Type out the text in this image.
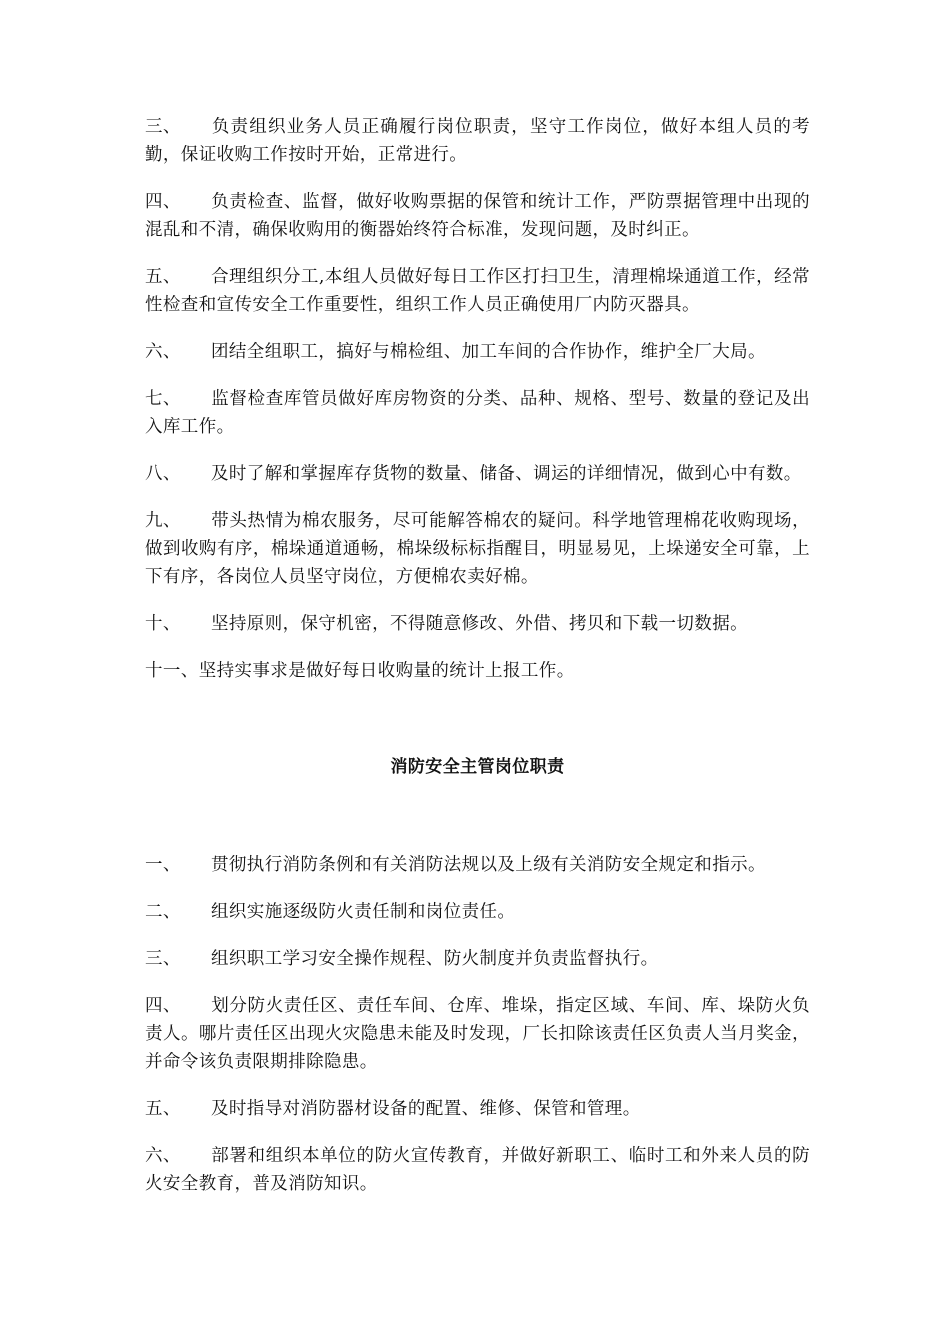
三、 负责组织业务人员正确履行岗位职责，坚守工作岗位，做好本组人员的考勤，保证收购工作按时开始，正常进行。

四、 负责检查、监督，做好收购票据的保管和统计工作，严防票据管理中出现的混乱和不清，确保收购用的衡器始终符合标准，发现问题，及时纠正。

五、 合理组织分工,本组人员做好每日工作区打扫卫生，清理棉垛通道工作，经常性检查和宣传安全工作重要性，组织工作人员正确使用厂内防灭器具。

六、 团结全组职工，搞好与棉检组、加工车间的合作协作，维护全厂大局。

七、 监督检查库管员做好库房物资的分类、品种、规格、型号、数量的登记及出入库工作。

八、 及时了解和掌握库存货物的数量、储备、调运的详细情况，做到心中有数。

九、 带头热情为棉农服务，尽可能解答棉农的疑问。科学地管理棉花收购现场，做到收购有序，棉垛通道通畅，棉垛级标标指醒目，明显易见，上垛递安全可靠，上下有序，各岗位人员坚守岗位，方便棉农卖好棉。

十、 坚持原则，保守机密，不得随意修改、外借、拷贝和下载一切数据。

十一、坚持实事求是做好每日收购量的统计上报工作。

消防安全主管岗位职责

一、 贯彻执行消防条例和有关消防法规以及上级有关消防安全规定和指示。

二、 组织实施逐级防火责任制和岗位责任。

三、 组织职工学习安全操作规程、防火制度并负责监督执行。

四、 划分防火责任区、责任车间、仓库、堆垛，指定区域、车间、库、垛防火负责人。哪片责任区出现火灾隐患未能及时发现，厂长扣除该责任区负责人当月奖金，并命令该负责限期排除隐患。

五、 及时指导对消防器材设备的配置、维修、保管和管理。

六、 部署和组织本单位的防火宣传教育，并做好新职工、临时工和外来人员的防火安全教育，普及消防知识。
